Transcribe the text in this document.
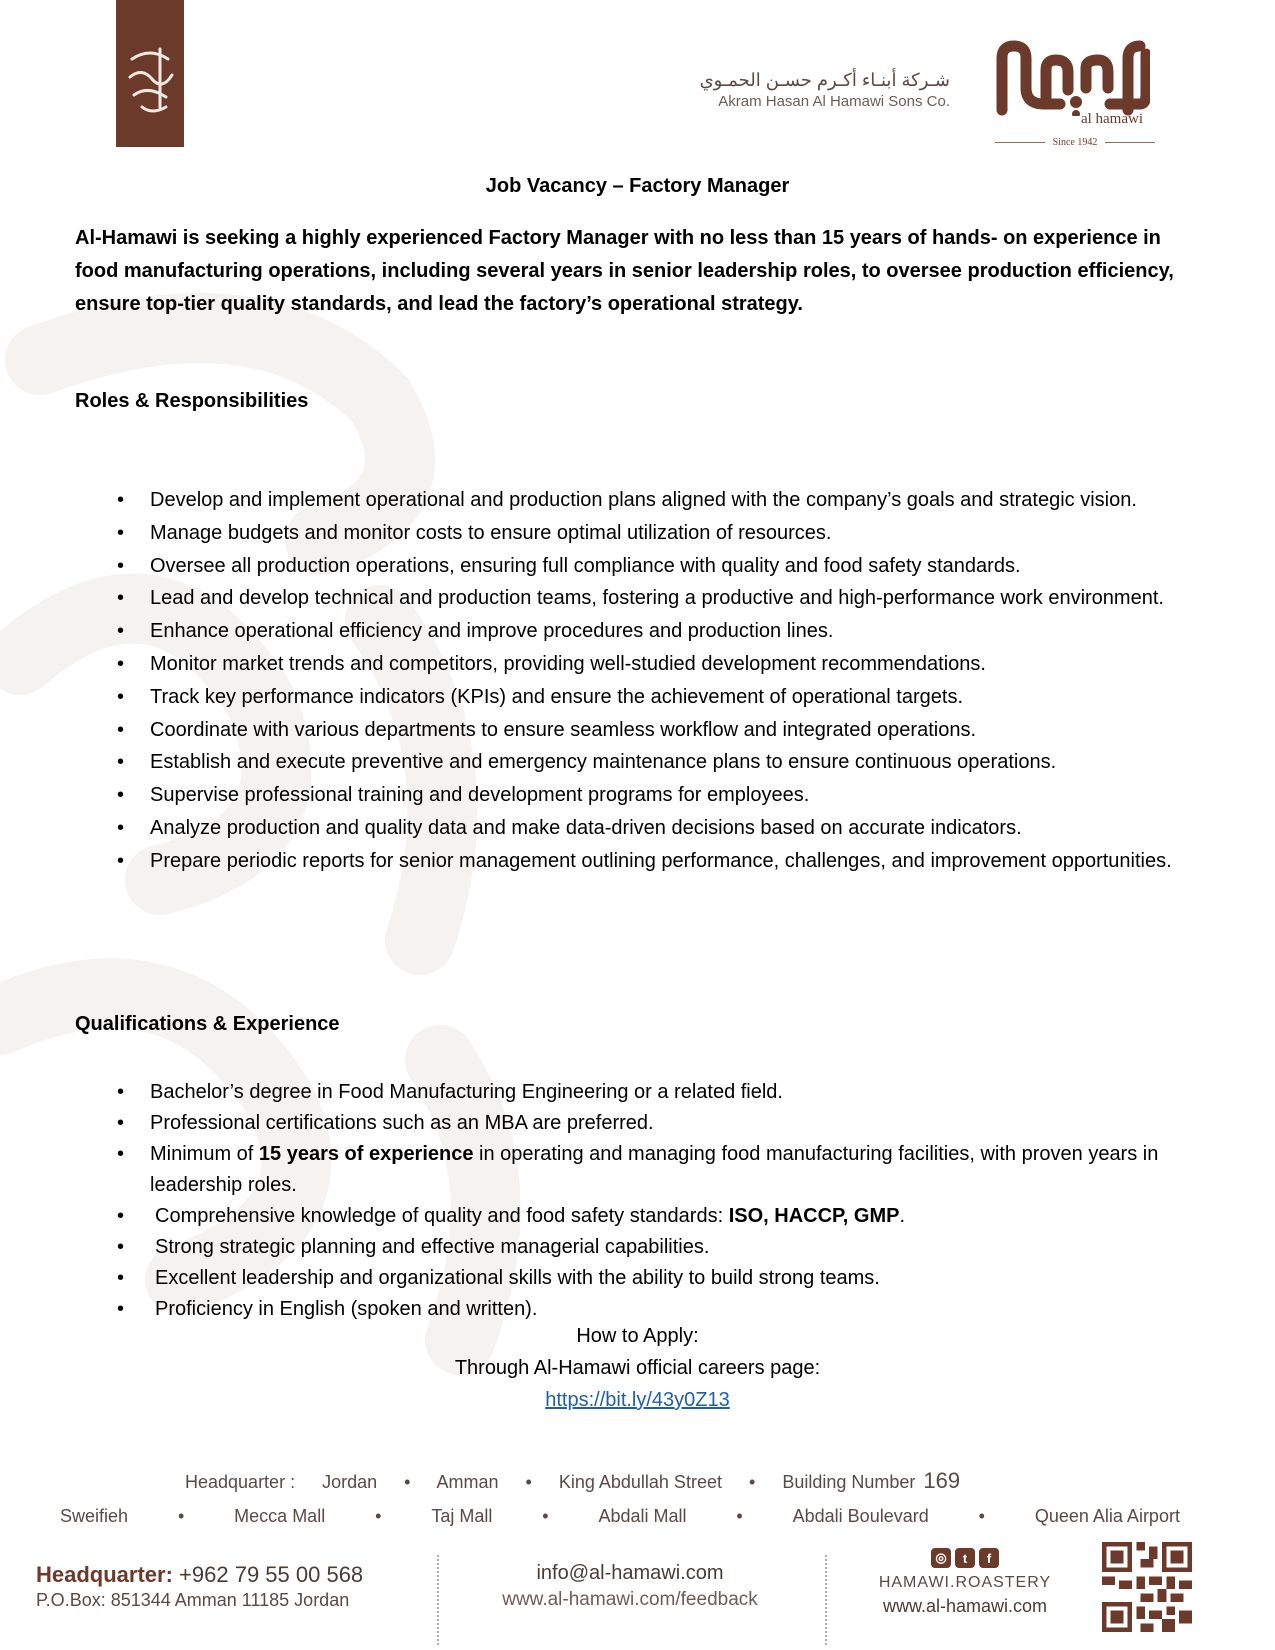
شـركة أبنـاء أكـرم حسـن الحمـوي
Akram Hasan Al Hamawi Sons Co.
al hamawi
Since 1942
Job Vacancy – Factory Manager
Al-Hamawi is seeking a highly experienced Factory Manager with no less than 15 years of hands- on experience in food manufacturing operations, including several years in senior leadership roles, to oversee production efficiency, ensure top-tier quality standards, and lead the factory’s operational strategy.
Roles & Responsibilities
• Develop and implement operational and production plans aligned with the company’s goals and strategic vision.
• Manage budgets and monitor costs to ensure optimal utilization of resources.
• Oversee all production operations, ensuring full compliance with quality and food safety standards.
• Lead and develop technical and production teams, fostering a productive and high-performance work environment.
• Enhance operational efficiency and improve procedures and production lines.
• Monitor market trends and competitors, providing well-studied development recommendations.
• Track key performance indicators (KPIs) and ensure the achievement of operational targets.
• Coordinate with various departments to ensure seamless workflow and integrated operations.
• Establish and execute preventive and emergency maintenance plans to ensure continuous operations.
• Supervise professional training and development programs for employees.
• Analyze production and quality data and make data-driven decisions based on accurate indicators.
• Prepare periodic reports for senior management outlining performance, challenges, and improvement opportunities.
Qualifications & Experience
• Bachelor’s degree in Food Manufacturing Engineering or a related field.
• Professional certifications such as an MBA are preferred.
• Minimum of 15 years of experience in operating and managing food manufacturing facilities, with proven years in leadership roles.
• Comprehensive knowledge of quality and food safety standards: ISO, HACCP, GMP.
• Strong strategic planning and effective managerial capabilities.
• Excellent leadership and organizational skills with the ability to build strong teams.
• Proficiency in English (spoken and written).
How to Apply:
Through Al-Hamawi official careers page:
https://bit.ly/43y0Z13
Headquarter : Jordan • Amman • King Abdullah Street • Building Number 169
Sweifieh	•	Mecca Mall	•	Taj Mall	•	Abdali Mall	•	Abdali Boulevard	•	Queen Alia Airport
Headquarter: +962 79 55 00 568
P.O.Box: 851344 Amman 11185 Jordan
info@al-hamawi.com
www.al-hamawi.com/feedback
◎	t	f
HAMAWI.ROASTERY
www.al-hamawi.com
